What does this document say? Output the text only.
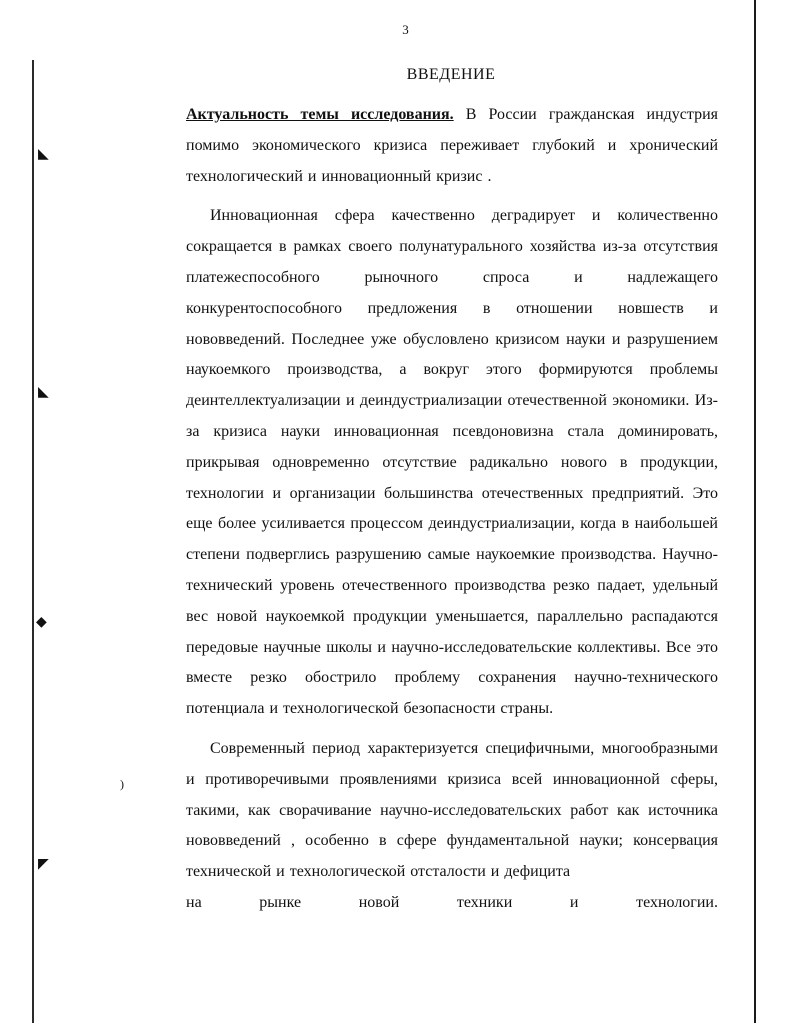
◣
◣
◆
)
◤
3
ВВЕДЕНИЕ

Актуальность темы исследования. В России гражданская индустрия помимо экономического кризиса переживает глубокий и хронический технологический и инновационный кризис .

Инновационная сфера качественно деградирует и количественно сокращается в рамках своего полунатурального хозяйства из-за отсутствия платежеспособного рыночного спроса и надлежащего конкурентоспособного предложения в отношении новшеств и нововведений. Последнее уже обусловлено кризисом науки и разрушением наукоемкого производства, а вокруг этого формируются проблемы деинтеллектуализации и деиндустриализации отечественной экономики. Из-за кризиса науки инновационная псевдоновизна стала доминировать, прикрывая одновременно отсутствие радикально нового в продукции, технологии и организации большинства отечественных предприятий. Это еще более усиливается процессом деиндустриализации, когда в наибольшей степени подверглись разрушению самые наукоемкие производства. Научно-технический уровень отечественного производства резко падает, удельный вес новой наукоемкой продукции уменьшается, параллельно распадаются передовые научные школы и научно-исследовательские коллективы. Все это вместе резко обострило проблему сохранения научно-технического потенциала и технологической безопасности страны.

Современный период характеризуется специфичными, многообразными и противоречивыми проявлениями кризиса всей инновационной сферы, такими, как сворачивание научно-исследовательских работ как источника нововведений , особенно в сфере фундаментальной науки; консервация технической и технологической отсталости и дефицита

на	рынке	новой	техники	и	технологии.
